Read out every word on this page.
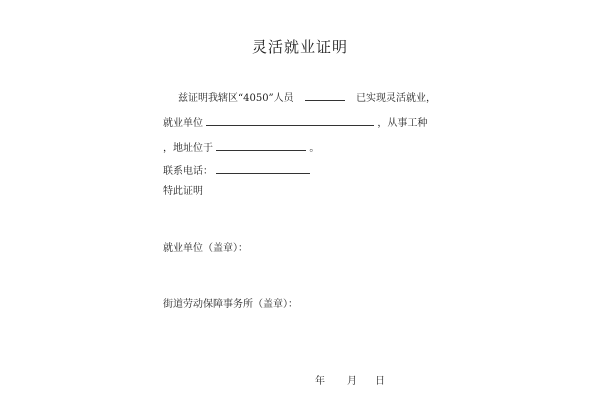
灵活就业证明
兹证明我辖区“4050”人员	已实现灵活就业，
就业单位	，从事工种
，地址位于	。
联系电话：
特此证明
就业单位（盖章）：
街道劳动保障事务所（盖章）：
年 月 日
